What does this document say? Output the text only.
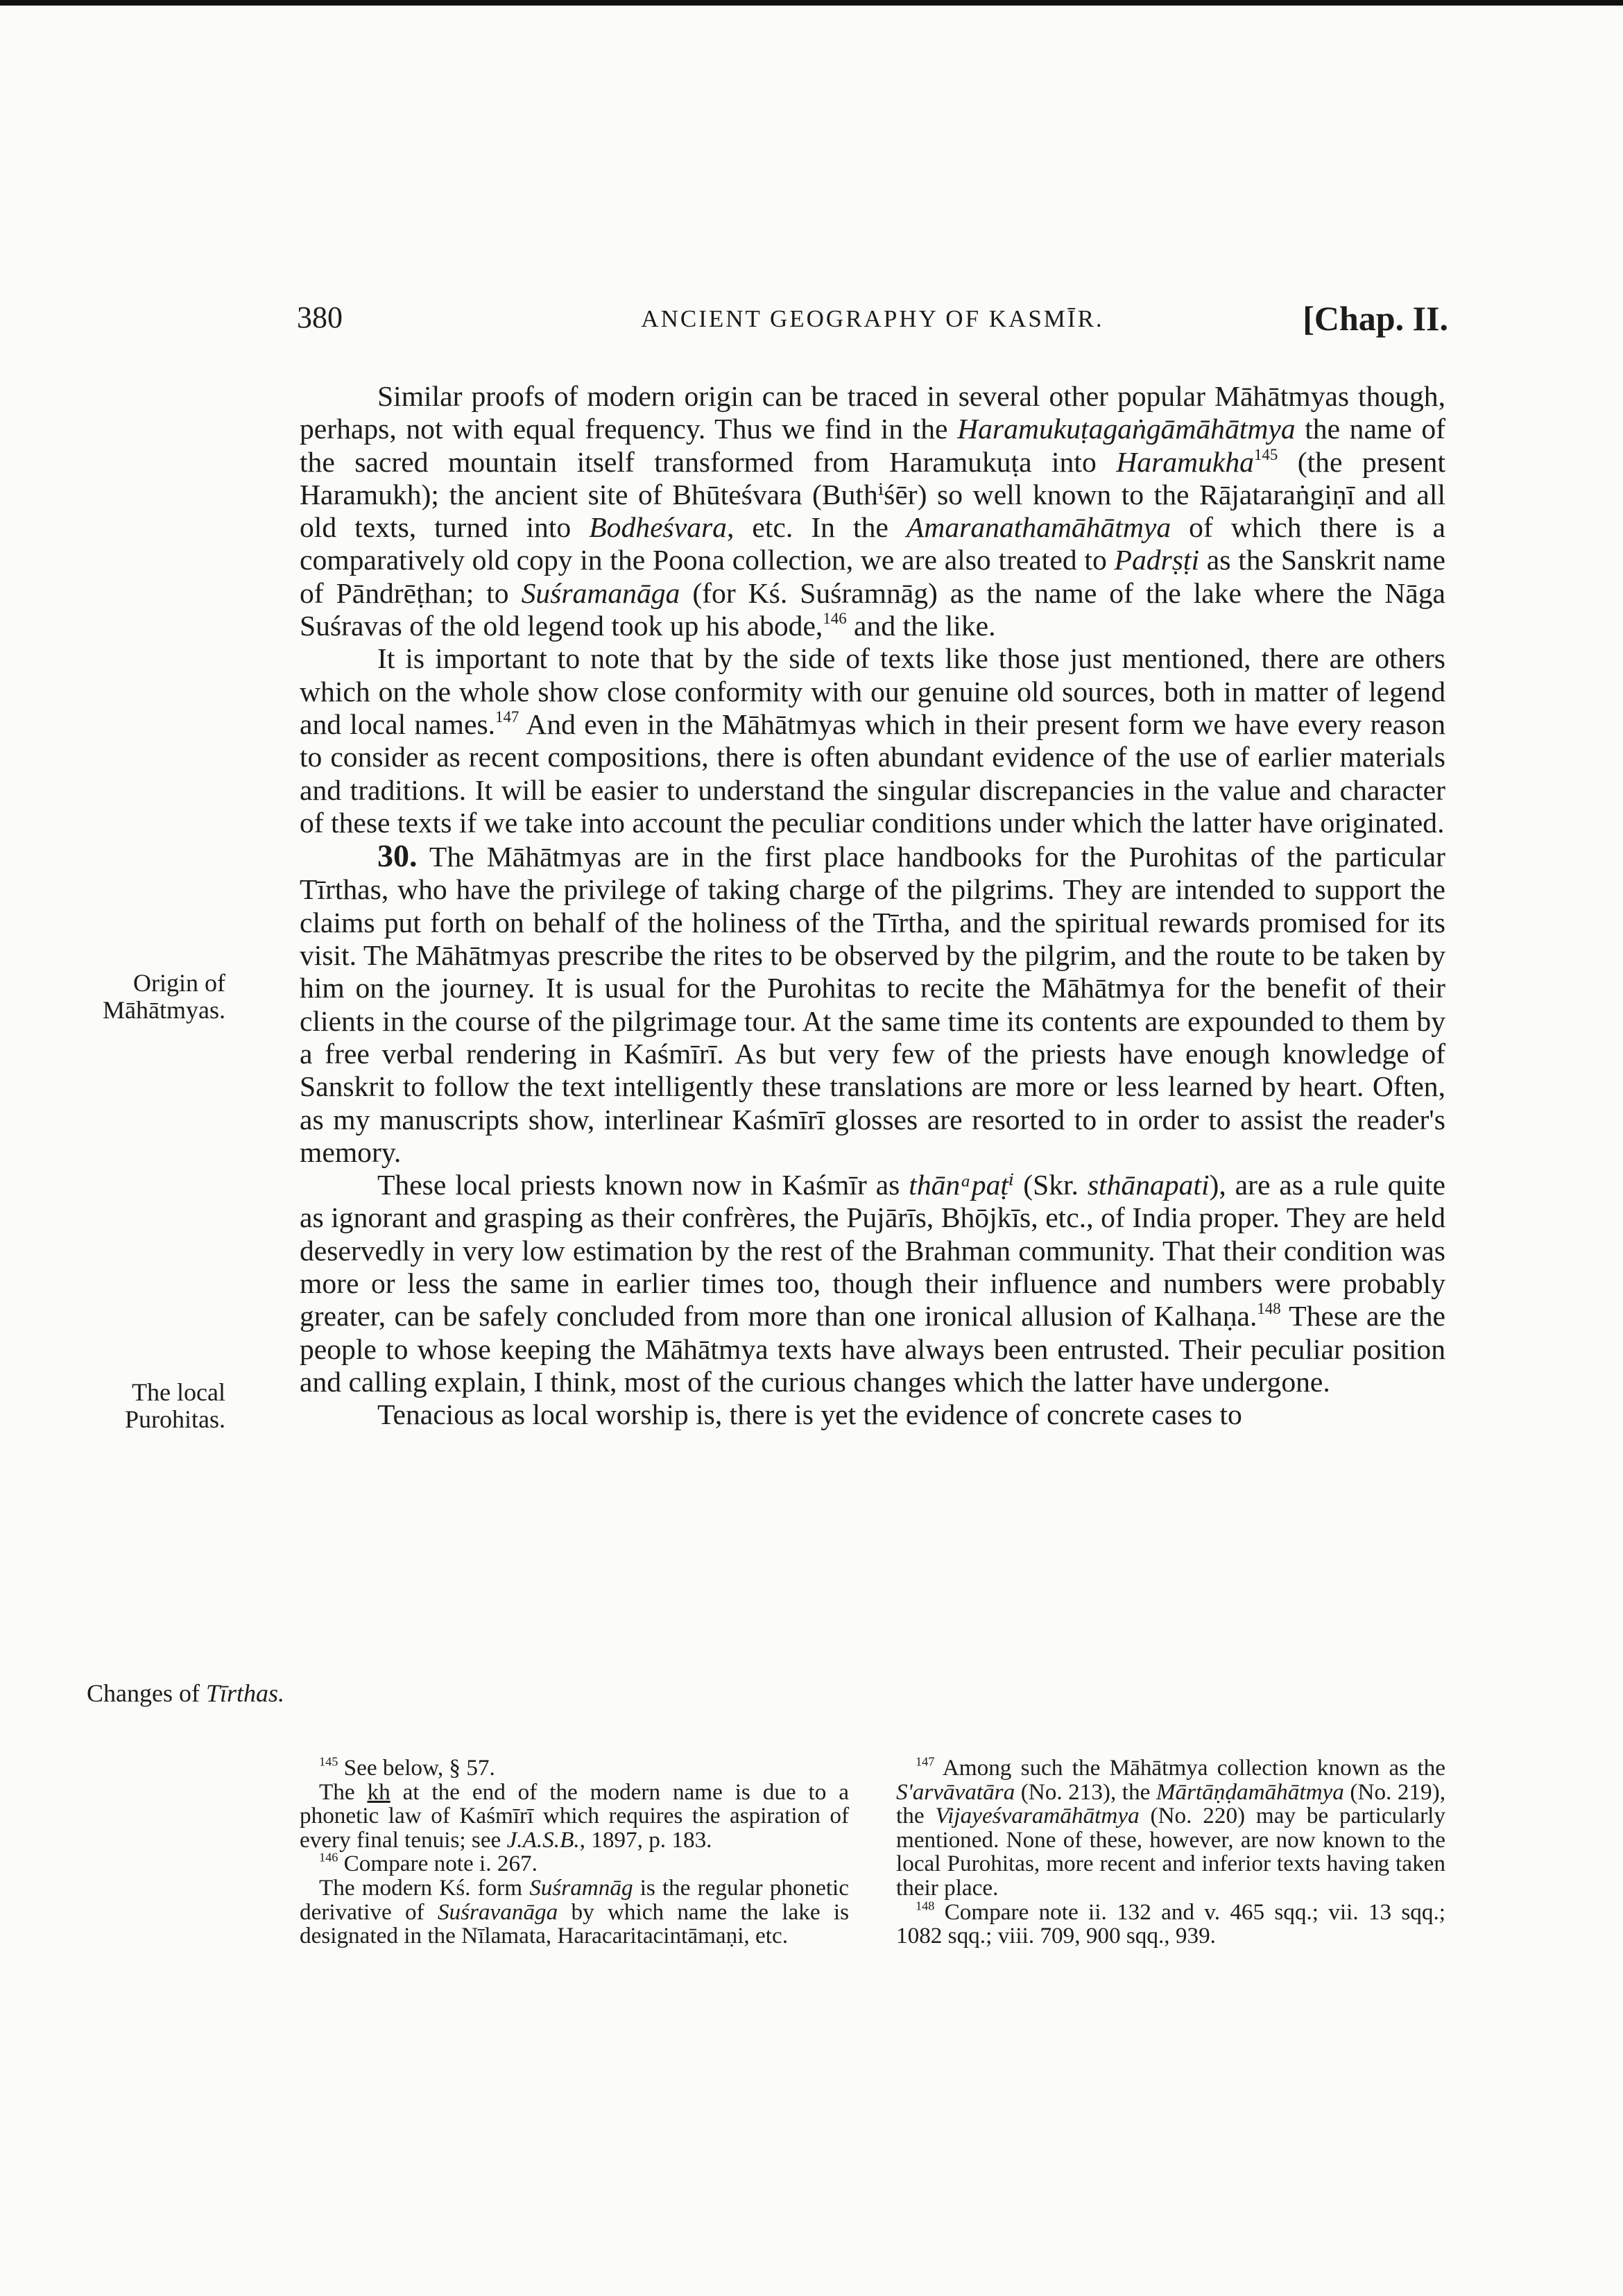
380	ANCIENT GEOGRAPHY OF KASMĪR.	[Chap. II.

Similar proofs of modern origin can be traced in several other popular Māhātmyas though, perhaps, not with equal frequency. Thus we find in the Haramukuṭagaṅgāmāhātmya the name of the sacred mountain itself transformed from Haramukuṭa into Haramukha$^{145}$ (the present Haramukh); the ancient site of Bhūteśvara (Buthⁱśēr) so well known to the Rājataraṅgiṇī and all old texts, turned into Bodheśvara, etc. In the Amaranathamāhātmya of which there is a comparatively old copy in the Poona collection, we are also treated to Padrṣṭi as the Sanskrit name of Pāndrēṭhan; to Suśramanāga (for Kś. Suśramnāg) as the name of the lake where the Nāga Suśravas of the old legend took up his abode,$^{146}$ and the like.

It is important to note that by the side of texts like those just mentioned, there are others which on the whole show close conformity with our genuine old sources, both in matter of legend and local names.$^{147}$ And even in the Māhātmyas which in their present form we have every reason to consider as recent compositions, there is often abundant evidence of the use of earlier materials and traditions. It will be easier to understand the singular discrepancies in the value and character of these texts if we take into account the peculiar conditions under which the latter have originated.

30. The Māhātmyas are in the first place handbooks for the Purohitas of the particular Tīrthas, who have the privilege of taking charge of the pilgrims. They are intended to support the claims put forth on behalf of the holiness of the Tīrtha, and the spiritual rewards promised for its visit. The Māhātmyas prescribe the rites to be observed by the pilgrim, and the route to be taken by him on the journey. It is usual for the Purohitas to recite the Māhātmya for the benefit of their clients in the course of the pilgrimage tour. At the same time its contents are expounded to them by a free verbal rendering in Kaśmīrī. As but very few of the priests have enough knowledge of Sanskrit to follow the text intelligently these translations are more or less learned by heart. Often, as my manuscripts show, interlinear Kaśmīrī glosses are resorted to in order to assist the reader's memory.

These local priests known now in Kaśmīr as thānᵃpaṭⁱ (Skr. sthānapati), are as a rule quite as ignorant and grasping as their confrères, the Pujārīs, Bhōjkīs, etc., of India proper. They are held deservedly in very low estimation by the rest of the Brahman community. That their condition was more or less the same in earlier times too, though their influence and numbers were probably greater, can be safely concluded from more than one ironical allusion of Kalhaṇa.$^{148}$ These are the people to whose keeping the Māhātmya texts have always been entrusted. Their peculiar position and calling explain, I think, most of the curious changes which the latter have undergone.

Tenacious as local worship is, there is yet the evidence of concrete cases to

Origin of
Māhātmyas.
The local
Purohitas.
Changes of Tīrthas.

$^{145}$ See below, § 57.

The kh at the end of the modern name is due to a phonetic law of Kaśmīrī which requires the aspiration of every final tenuis; see J.A.S.B., 1897, p. 183.

$^{146}$ Compare note i. 267.

The modern Kś. form Suśramnāg is the regular phonetic derivative of Suśravanāga by which name the lake is designated in the Nīlamata, Haracaritacintāmaṇi, etc.

$^{147}$ Among such the Māhātmya collection known as the S'arvāvatāra (No. 213), the Mārtāṇḍamāhātmya (No. 219), the Vijayeśvaramāhātmya (No. 220) may be particularly mentioned. None of these, however, are now known to the local Purohitas, more recent and inferior texts having taken their place.

$^{148}$ Compare note ii. 132 and v. 465 sqq.; vii. 13 sqq.; 1082 sqq.; viii. 709, 900 sqq., 939.
